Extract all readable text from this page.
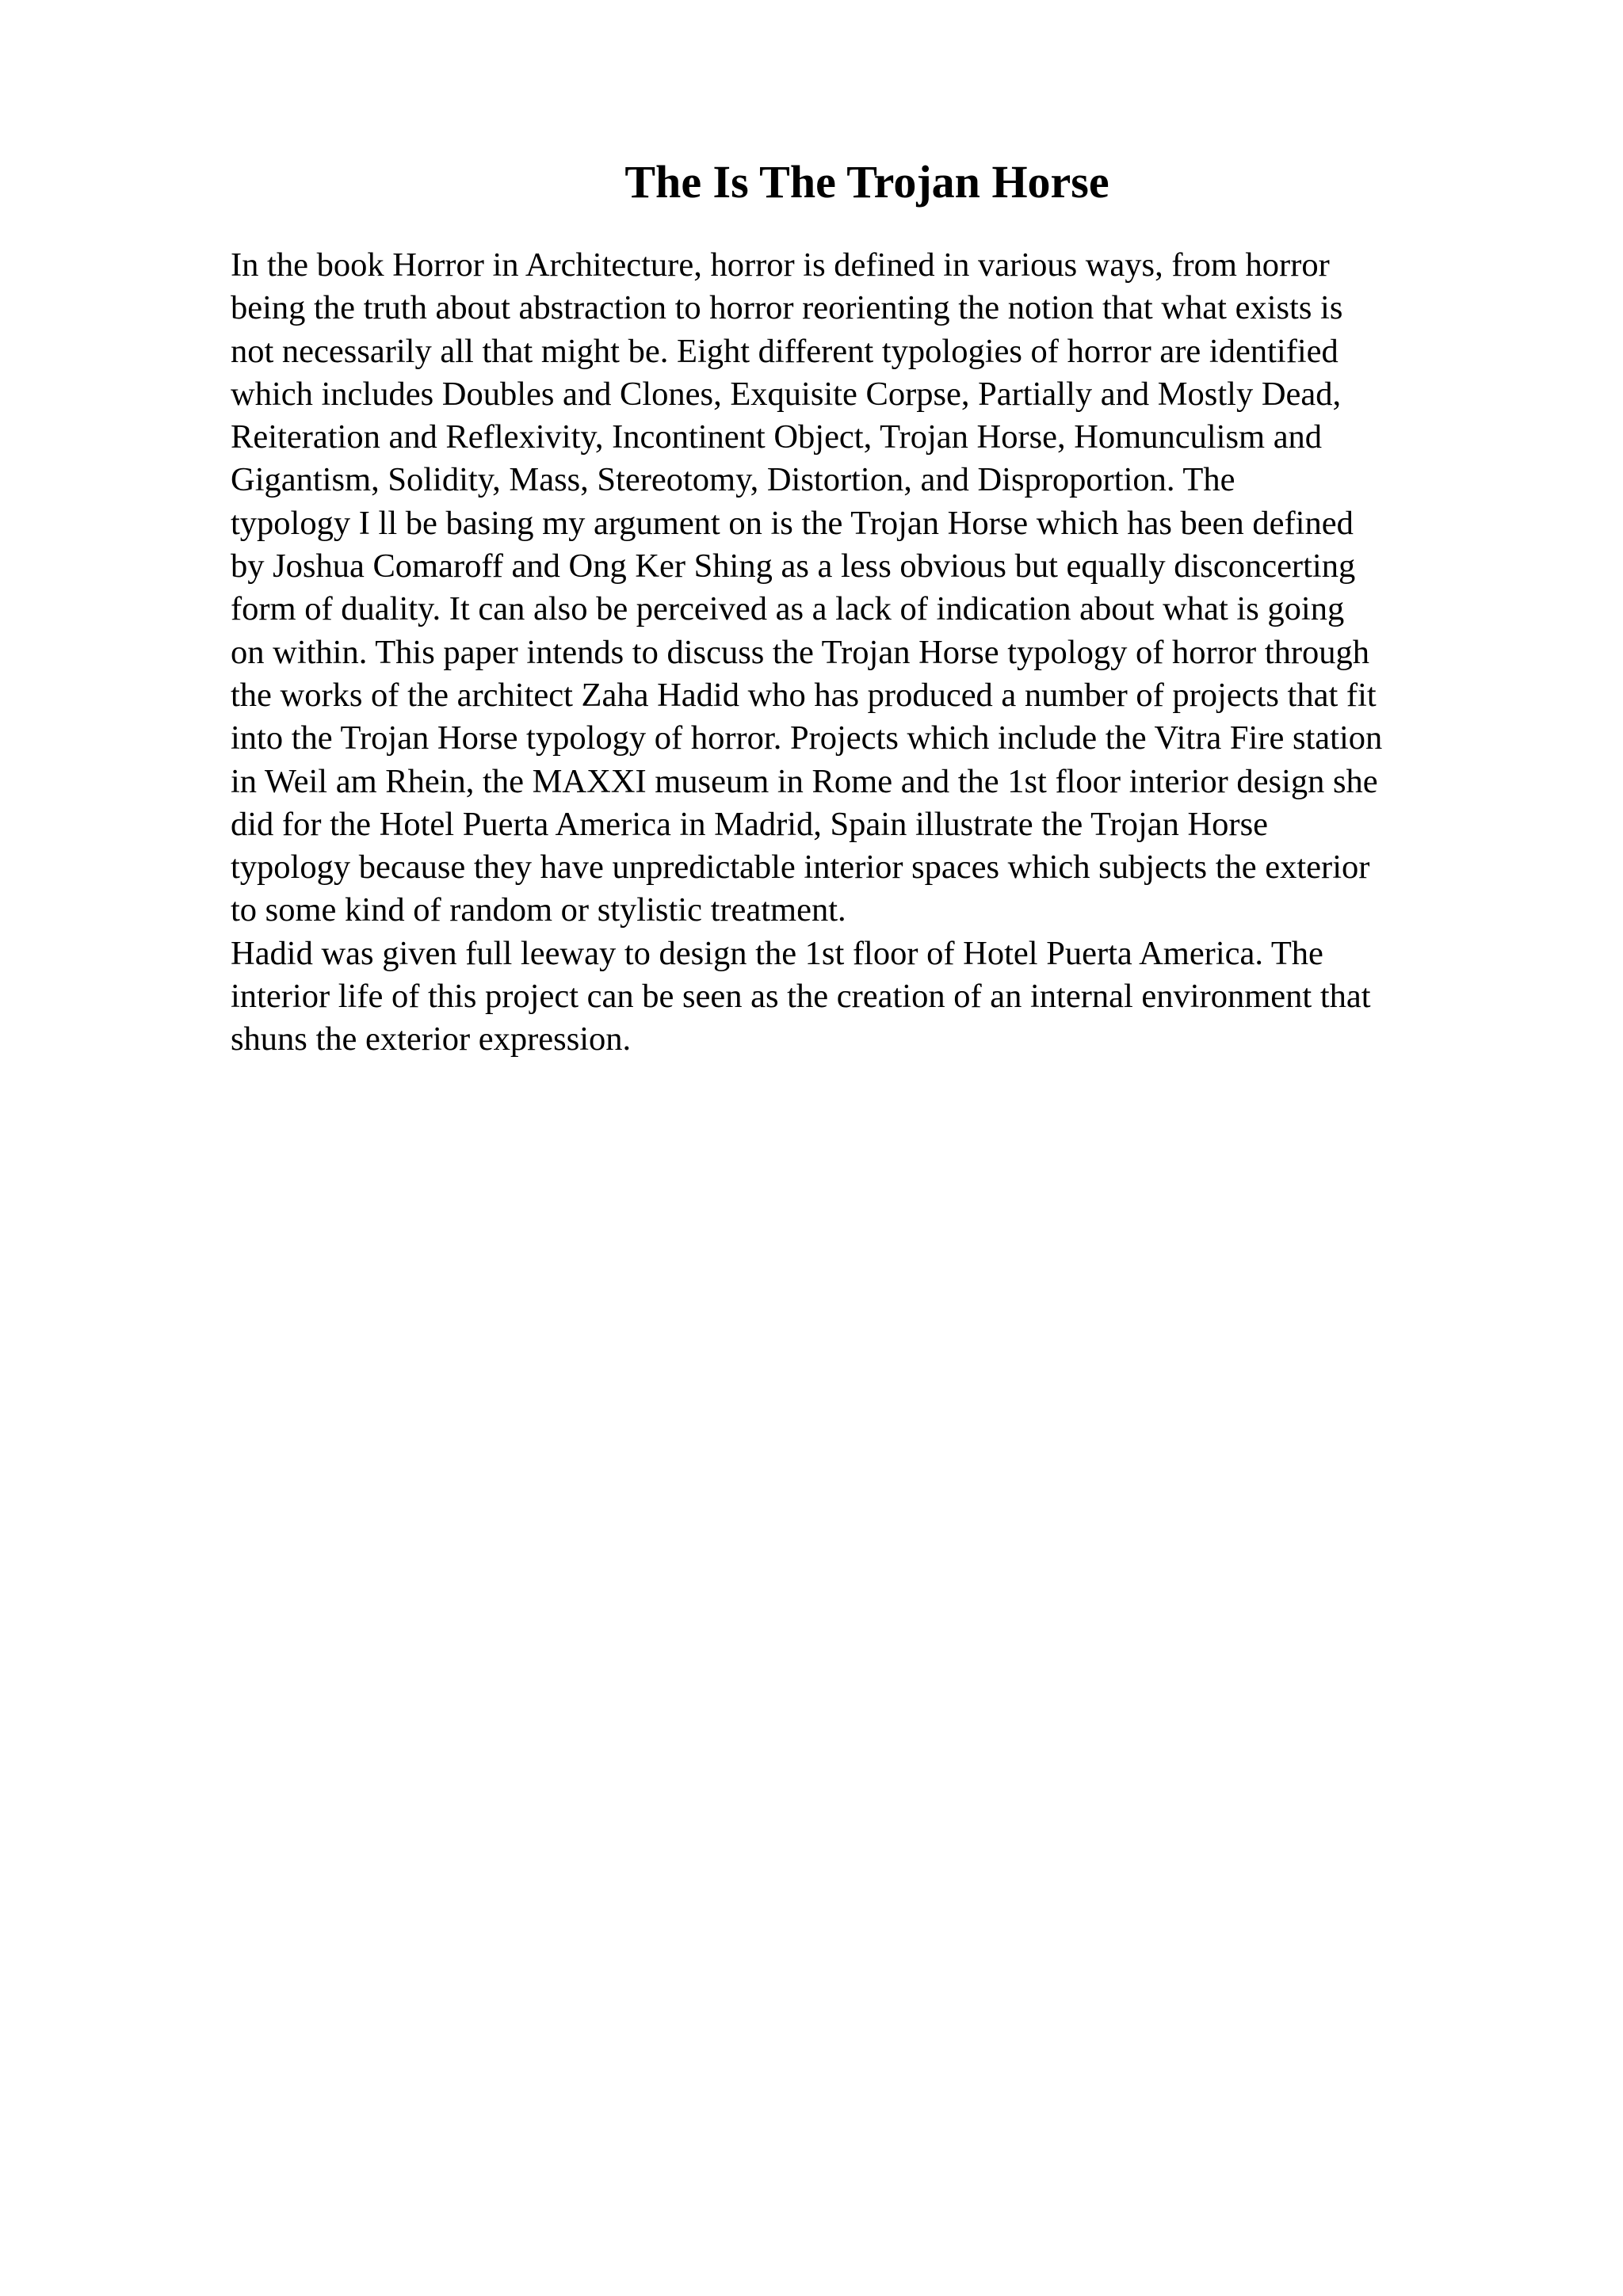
The Is The Trojan Horse
In the book Horror in Architecture, horror is defined in various ways, from horror
being the truth about abstraction to horror reorienting the notion that what exists is
not necessarily all that might be. Eight different typologies of horror are identified
which includes Doubles and Clones, Exquisite Corpse, Partially and Mostly Dead,
Reiteration and Reflexivity, Incontinent Object, Trojan Horse, Homunculism and
Gigantism, Solidity, Mass, Stereotomy, Distortion, and Disproportion. The
typology I ll be basing my argument on is the Trojan Horse which has been defined
by Joshua Comaroff and Ong Ker Shing as a less obvious but equally disconcerting
form of duality. It can also be perceived as a lack of indication about what is going
on within. This paper intends to discuss the Trojan Horse typology of horror through
the works of the architect Zaha Hadid who has produced a number of projects that fit
into the Trojan Horse typology of horror. Projects which include the Vitra Fire station
in Weil am Rhein, the MAXXI museum in Rome and the 1st floor interior design she
did for the Hotel Puerta America in Madrid, Spain illustrate the Trojan Horse
typology because they have unpredictable interior spaces which subjects the exterior
to some kind of random or stylistic treatment.
Hadid was given full leeway to design the 1st floor of Hotel Puerta America. The
interior life of this project can be seen as the creation of an internal environment that
shuns the exterior expression.
